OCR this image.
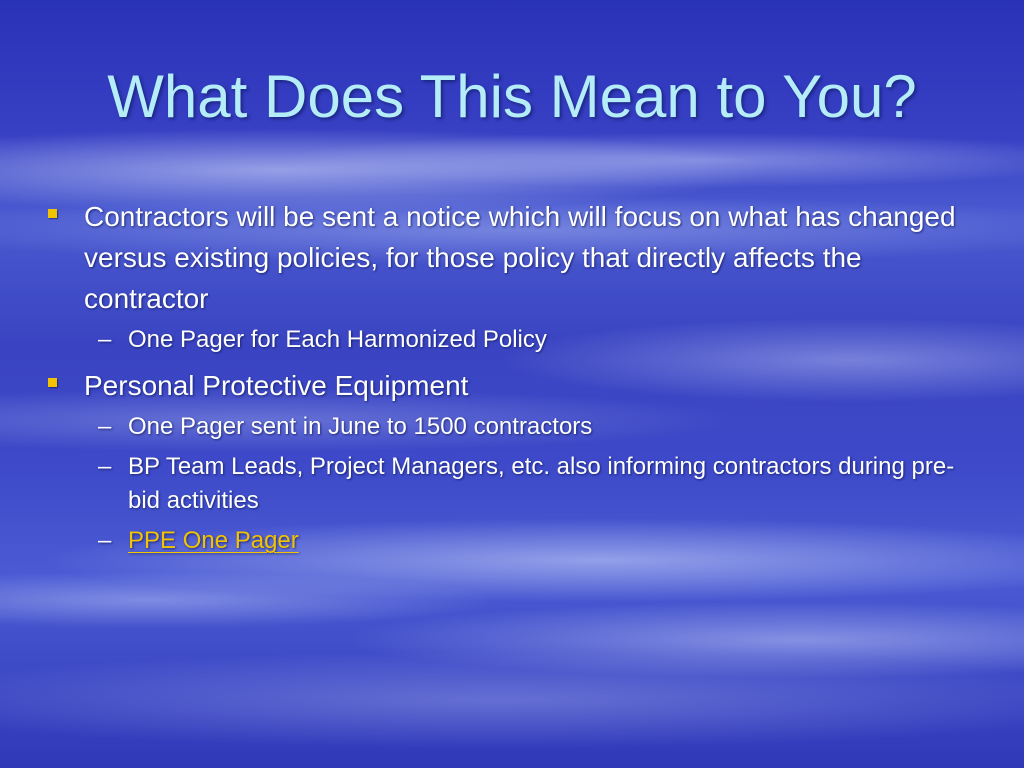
What Does This Mean to You?
Contractors will be sent a notice which will focus on what has changed versus existing policies, for those policy that directly affects the contractor
– One Pager for Each Harmonized Policy
Personal Protective Equipment
– One Pager sent in June to 1500 contractors
– BP Team Leads, Project Managers, etc. also informing contractors during pre-bid activities
– PPE One Pager
